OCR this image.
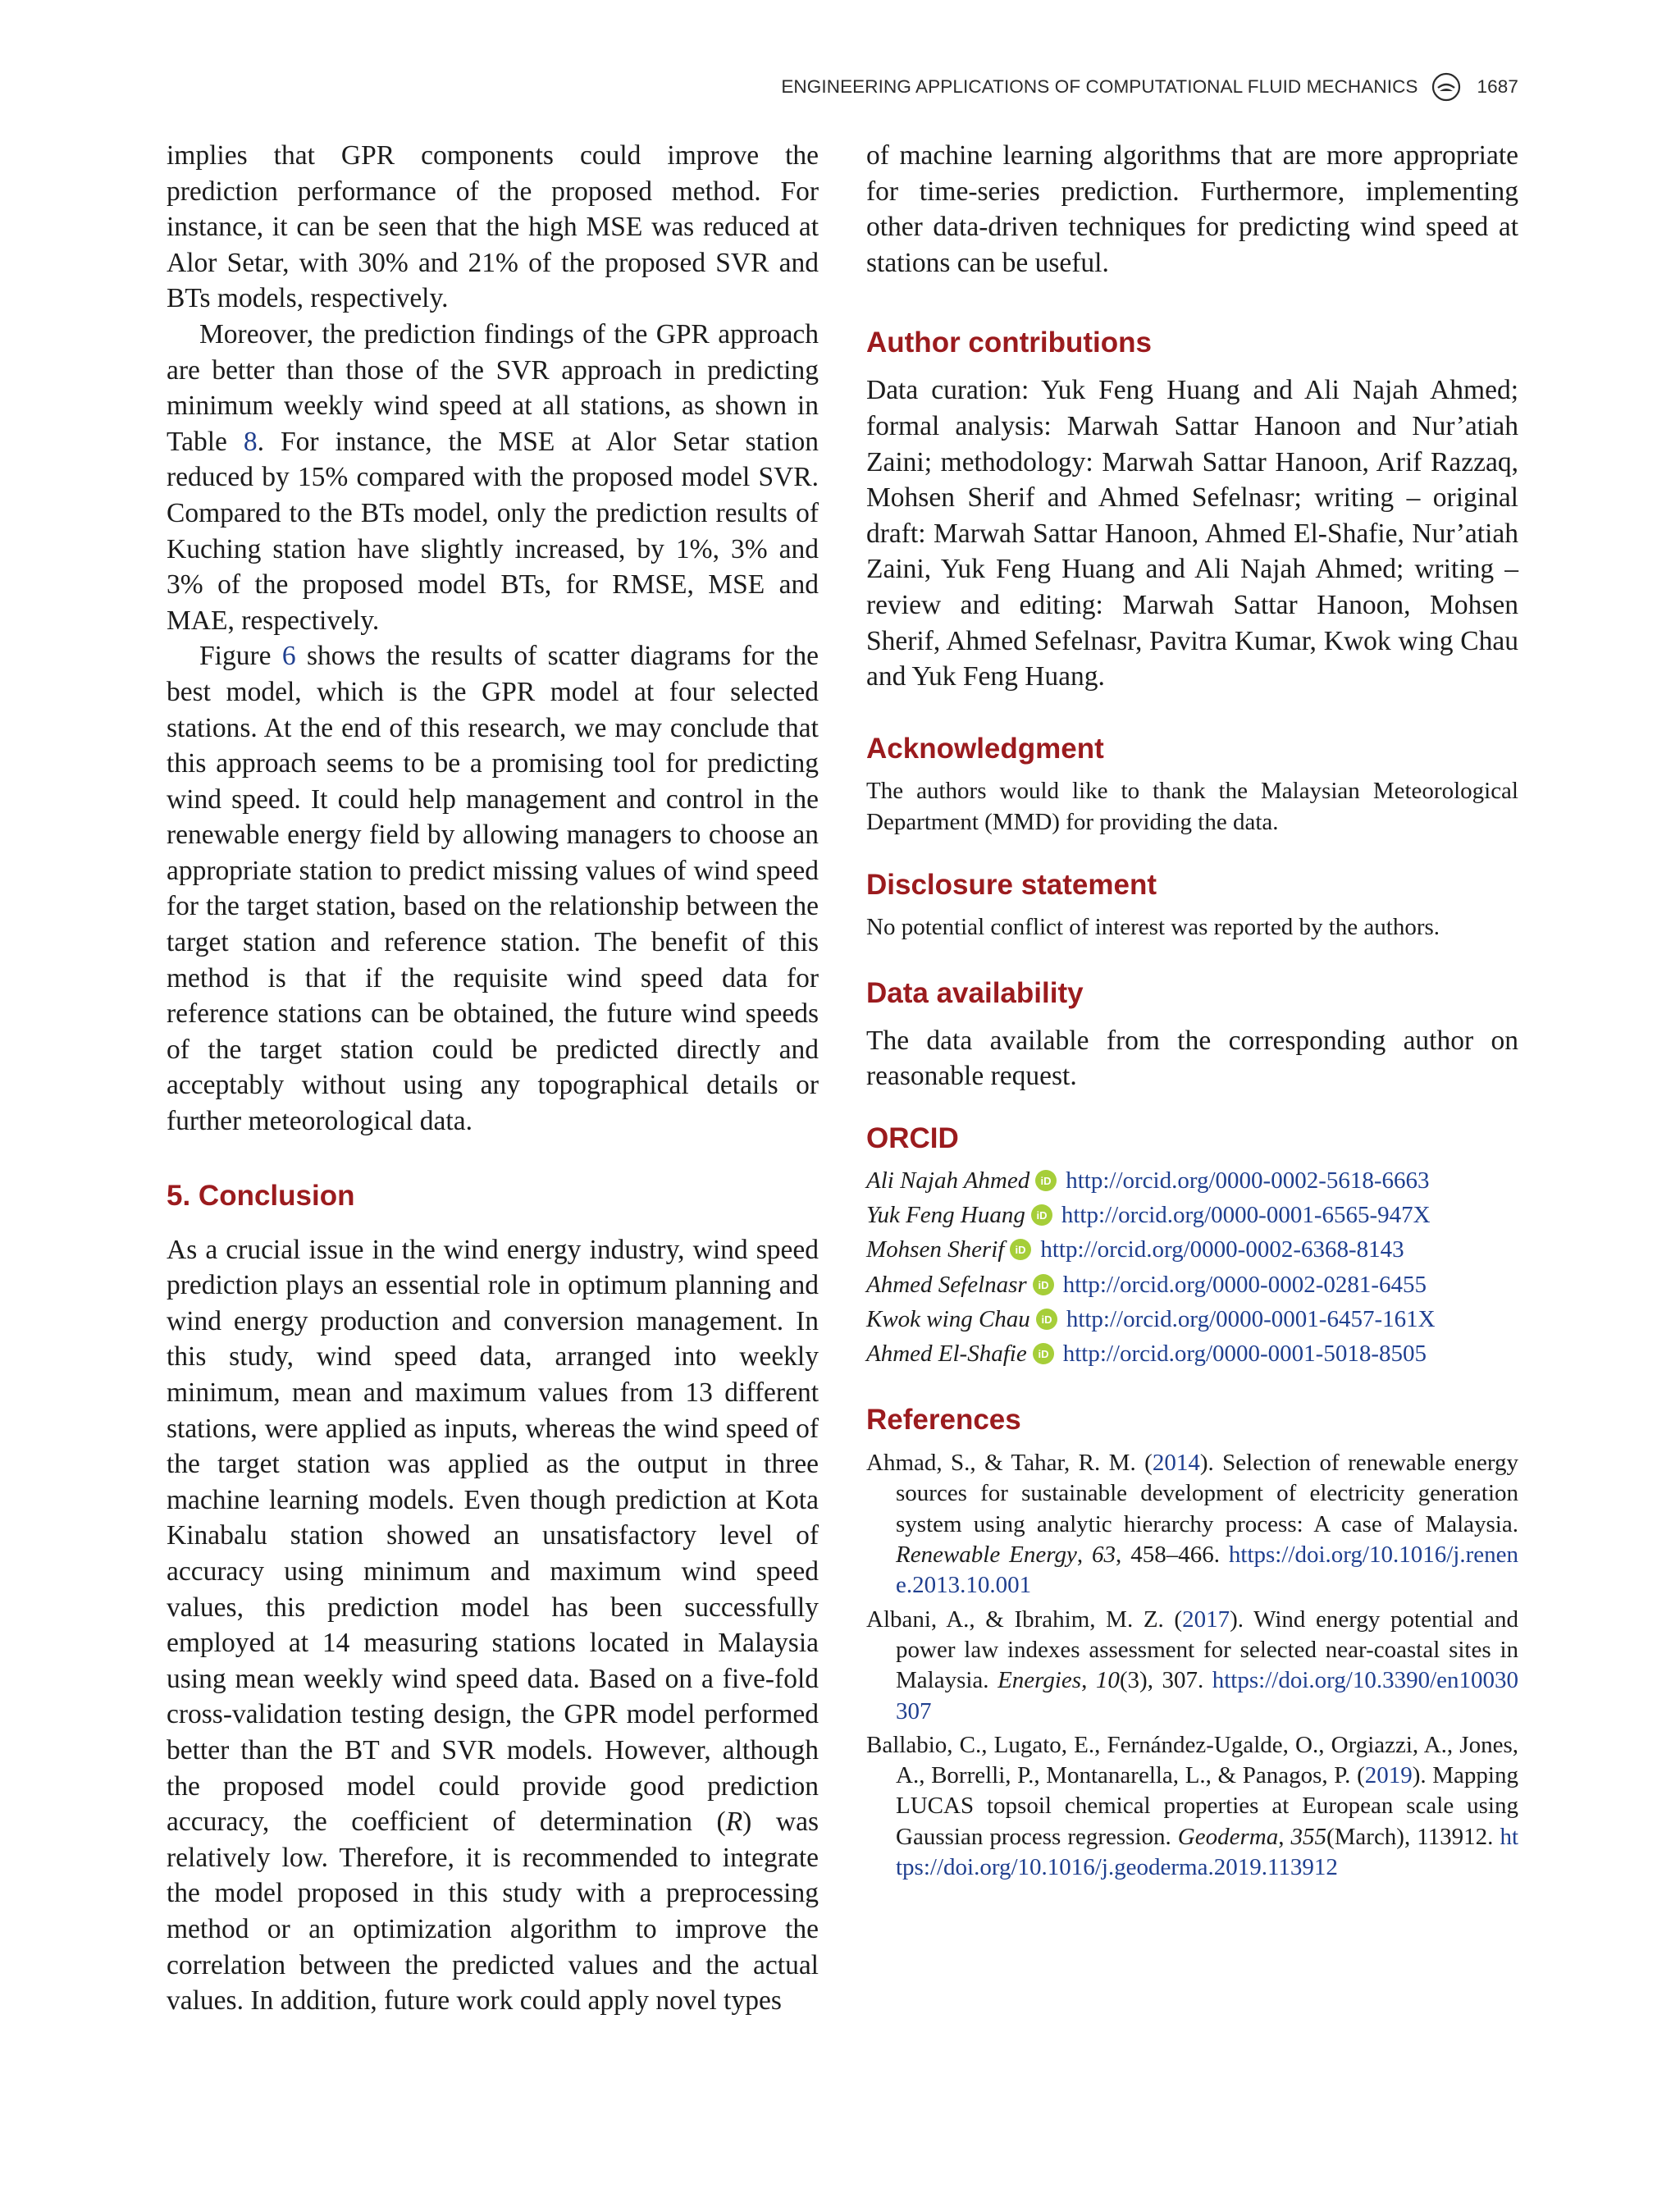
ENGINEERING APPLICATIONS OF COMPUTATIONAL FLUID MECHANICS	1687

implies that GPR components could improve the prediction performance of the proposed method. For instance, it can be seen that the high MSE was reduced at Alor Setar, with 30% and 21% of the proposed SVR and BTs models, respectively.

Moreover, the prediction findings of the GPR approach are better than those of the SVR approach in predicting minimum weekly wind speed at all stations, as shown in Table 8. For instance, the MSE at Alor Setar station reduced by 15% compared with the proposed model SVR. Compared to the BTs model, only the prediction results of Kuching station have slightly increased, by 1%, 3% and 3% of the proposed model BTs, for RMSE, MSE and MAE, respectively.

Figure 6 shows the results of scatter diagrams for the best model, which is the GPR model at four selected stations. At the end of this research, we may conclude that this approach seems to be a promising tool for predicting wind speed. It could help management and control in the renewable energy field by allowing managers to choose an appropriate station to predict missing values of wind speed for the target station, based on the relationship between the target station and reference station. The benefit of this method is that if the requisite wind speed data for reference stations can be obtained, the future wind speeds of the target station could be predicted directly and acceptably without using any topographical details or further meteorological data.

5. Conclusion

As a crucial issue in the wind energy industry, wind speed prediction plays an essential role in optimum planning and wind energy production and conversion management. In this study, wind speed data, arranged into weekly minimum, mean and maximum values from 13 different stations, were applied as inputs, whereas the wind speed of the target station was applied as the output in three machine learning models. Even though prediction at Kota Kinabalu station showed an unsatisfactory level of accuracy using minimum and maximum wind speed values, this prediction model has been successfully employed at 14 measuring stations located in Malaysia using mean weekly wind speed data. Based on a five-fold cross-validation testing design, the GPR model performed better than the BT and SVR models. However, although the proposed model could provide good prediction accuracy, the coefficient of determination (R) was relatively low. Therefore, it is recommended to integrate the model proposed in this study with a preprocessing method or an optimization algorithm to improve the correlation between the predicted values and the actual values. In addition, future work could apply novel types

of machine learning algorithms that are more appropriate for time-series prediction. Furthermore, implementing other data-driven techniques for predicting wind speed at stations can be useful.

Author contributions

Data curation: Yuk Feng Huang and Ali Najah Ahmed; formal analysis: Marwah Sattar Hanoon and Nur’atiah Zaini; methodology: Marwah Sattar Hanoon, Arif Razzaq, Mohsen Sherif and Ahmed Sefelnasr; writing – original draft: Marwah Sattar Hanoon, Ahmed El-Shafie, Nur’atiah Zaini, Yuk Feng Huang and Ali Najah Ahmed; writing – review and editing: Marwah Sattar Hanoon, Mohsen Sherif, Ahmed Sefelnasr, Pavitra Kumar, Kwok wing Chau and Yuk Feng Huang.

Acknowledgment

The authors would like to thank the Malaysian Meteorological Department (MMD) for providing the data.

Disclosure statement

No potential conflict of interest was reported by the authors.

Data availability

The data available from the corresponding author on reasonable request.

ORCID
Ali Najah Ahmed iD http://orcid.org/0000-0002-5618-6663
Yuk Feng Huang iD http://orcid.org/0000-0001-6565-947X
Mohsen Sherif iD http://orcid.org/0000-0002-6368-8143
Ahmed Sefelnasr iD http://orcid.org/0000-0002-0281-6455
Kwok wing Chau iD http://orcid.org/0000-0001-6457-161X
Ahmed El-Shafie iD http://orcid.org/0000-0001-5018-8505
References

Ahmad, S., & Tahar, R. M. (2014). Selection of renewable energy sources for sustainable development of electricity generation system using analytic hierarchy process: A case of Malaysia. Renewable Energy, 63, 458–466. https://doi.org/10.1016/j.renene.2013.10.001

Albani, A., & Ibrahim, M. Z. (2017). Wind energy potential and power law indexes assessment for selected near-coastal sites in Malaysia. Energies, 10(3), 307. https://doi.org/10.3390/en10030307

Ballabio, C., Lugato, E., Fernández-Ugalde, O., Orgiazzi, A., Jones, A., Borrelli, P., Montanarella, L., & Panagos, P. (2019). Mapping LUCAS topsoil chemical properties at European scale using Gaussian process regression. Geoderma, 355(March), 113912. https://doi.org/10.1016/j.geoderma.2019.113912
